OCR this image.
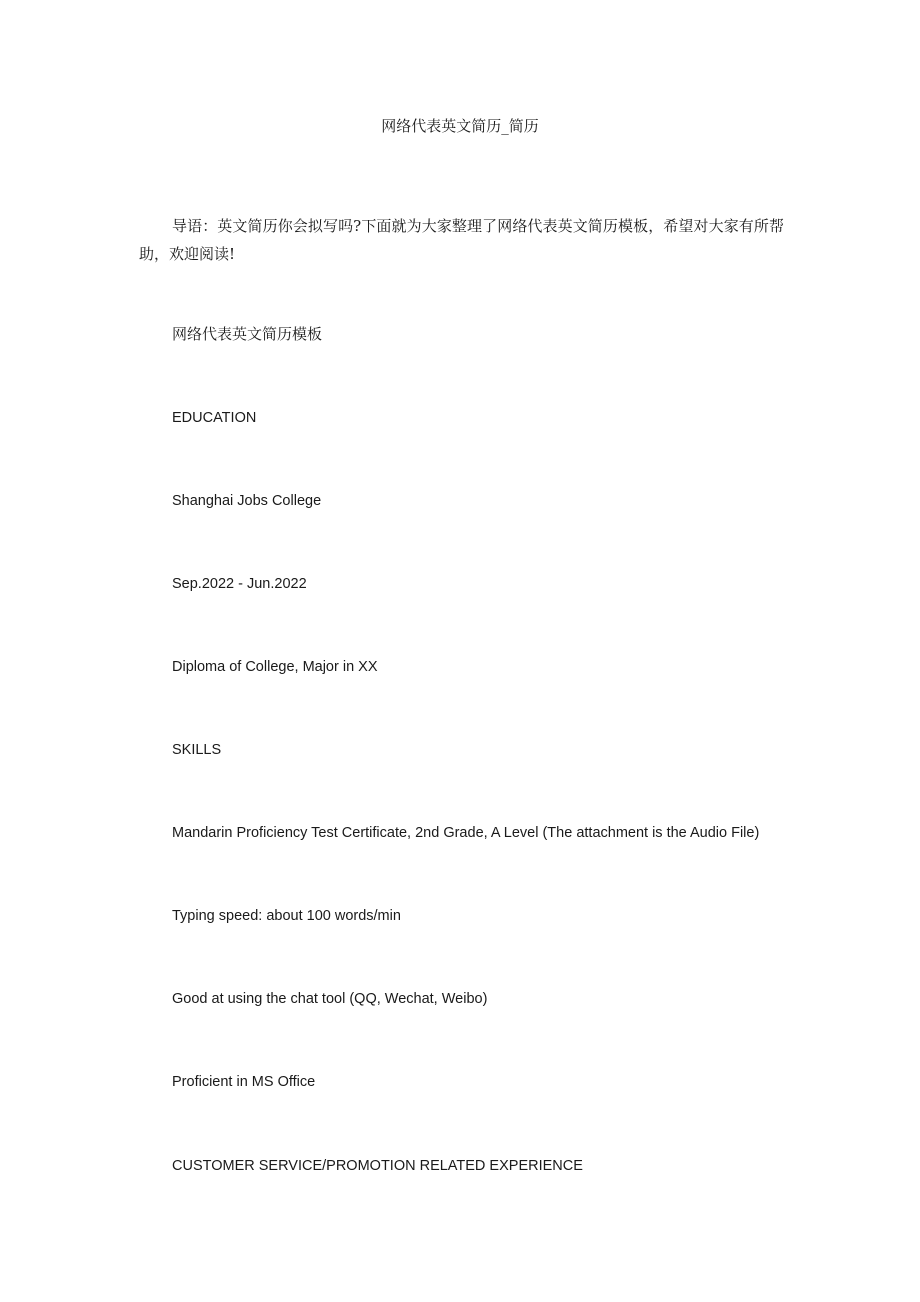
网络代表英文简历_简历
导语：英文简历你会拟写吗?下面就为大家整理了网络代表英文简历模板，希望对大家有所帮助，欢迎阅读!
网络代表英文简历模板
EDUCATION
Shanghai Jobs College
Sep.2022 - Jun.2022
Diploma of College, Major in XX
SKILLS
Mandarin Proficiency Test Certificate, 2nd Grade, A Level (The attachment is the Audio File)
Typing speed: about 100 words/min
Good at using the chat tool (QQ, Wechat, Weibo)
Proficient in MS Office
CUSTOMER SERVICE/PROMOTION RELATED EXPERIENCE
